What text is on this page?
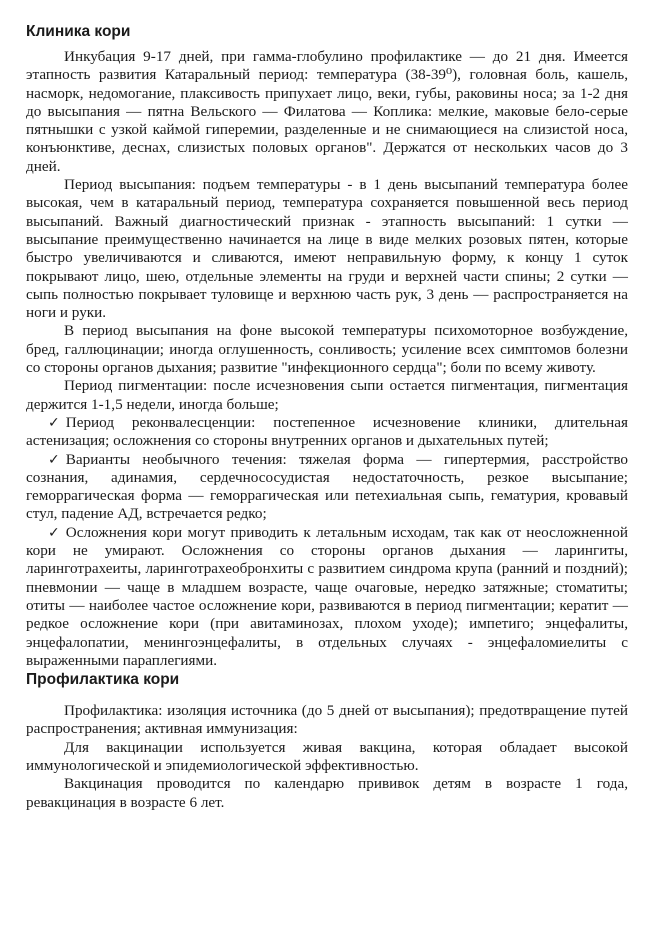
Клиника кори

Инкубация 9-17 дней, при гамма-глобулино профилактике — до 21 дня. Имеется этапность развития Катаральный период: температура (38-39⁰), головная боль, кашель, насморк, недомогание, плаксивость припухает лицо, веки, губы, раковины носа; за 1-2 дня до высыпания — пятна Вельского — Филатова — Коплика: мелкие, маковые бело-серые пятнышки с узкой каймой гиперемии, разделенные и не снимающиеся на слизистой носа, конъюнктиве, деснах, слизистых половых органов". Держатся от нескольких часов до 3 дней.

Период высыпания: подъем температуры - в 1 день высыпаний температура более высокая, чем в катаральный период, температура сохраняется повышенной весь период высыпаний. Важный диагностический признак - этапность высыпаний: 1 сутки — высыпание преимущественно начинается на лице в виде мелких розовых пятен, которые быстро увеличиваются и сливаются, имеют неправильную форму, к концу 1 суток покрывают лицо, шею, отдельные элементы на груди и верхней части спины; 2 сутки — сыпь полностью покрывает туловище и верхнюю часть рук, 3 день — распространяется на ноги и руки.

В период высыпания на фоне высокой температуры психомоторное возбуждение, бред, галлюцинации; иногда оглушенность, сонливость; усиление всех симптомов болезни со стороны органов дыхания; развитие "инфекционного сердца"; боли по всему животу.

Период пигментации: после исчезновения сыпи остается пигментация, пигментация держится 1-1,5 недели, иногда больше;

✓ Период реконвалесценции: постепенное исчезновение клиники, длительная астенизация; осложнения со стороны внутренних органов и дыхательных путей;

✓ Варианты необычного течения: тяжелая форма — гипертермия, расстройство сознания, адинамия, сердечнососудистая недостаточность, резкое высыпание; геморрагическая форма — геморрагическая или петехиальная сыпь, гематурия, кровавый стул, падение АД, встречается редко;

✓ Осложнения кори могут приводить к летальным исходам, так как от неосложненной кори не умирают. Осложнения со стороны органов дыхания — ларингиты, ларинготрахеиты, ларинготрахеобронхиты с развитием синдрома крупа (ранний и поздний); пневмонии — чаще в младшем возрасте, чаще очаговые, нередко затяжные; стоматиты; отиты — наиболее частое осложнение кори, развиваются в период пигментации; кератит — редкое осложнение кори (при авитаминозах, плохом уходе); импетиго; энцефалиты, энцефалопатии, менингоэнцефалиты, в отдельных случаях - энцефаломиелиты с выраженными параплегиями.

Профилактика кори

Профилактика: изоляция источника (до 5 дней от высыпания); предотвращение путей распространения; активная иммунизация:

Для вакцинации используется живая вакцина, которая обладает высокой иммунологической и эпидемиологической эффективностью.

Вакцинация проводится по календарю прививок детям в возрасте 1 года, ревакцинация в возрасте 6 лет.
